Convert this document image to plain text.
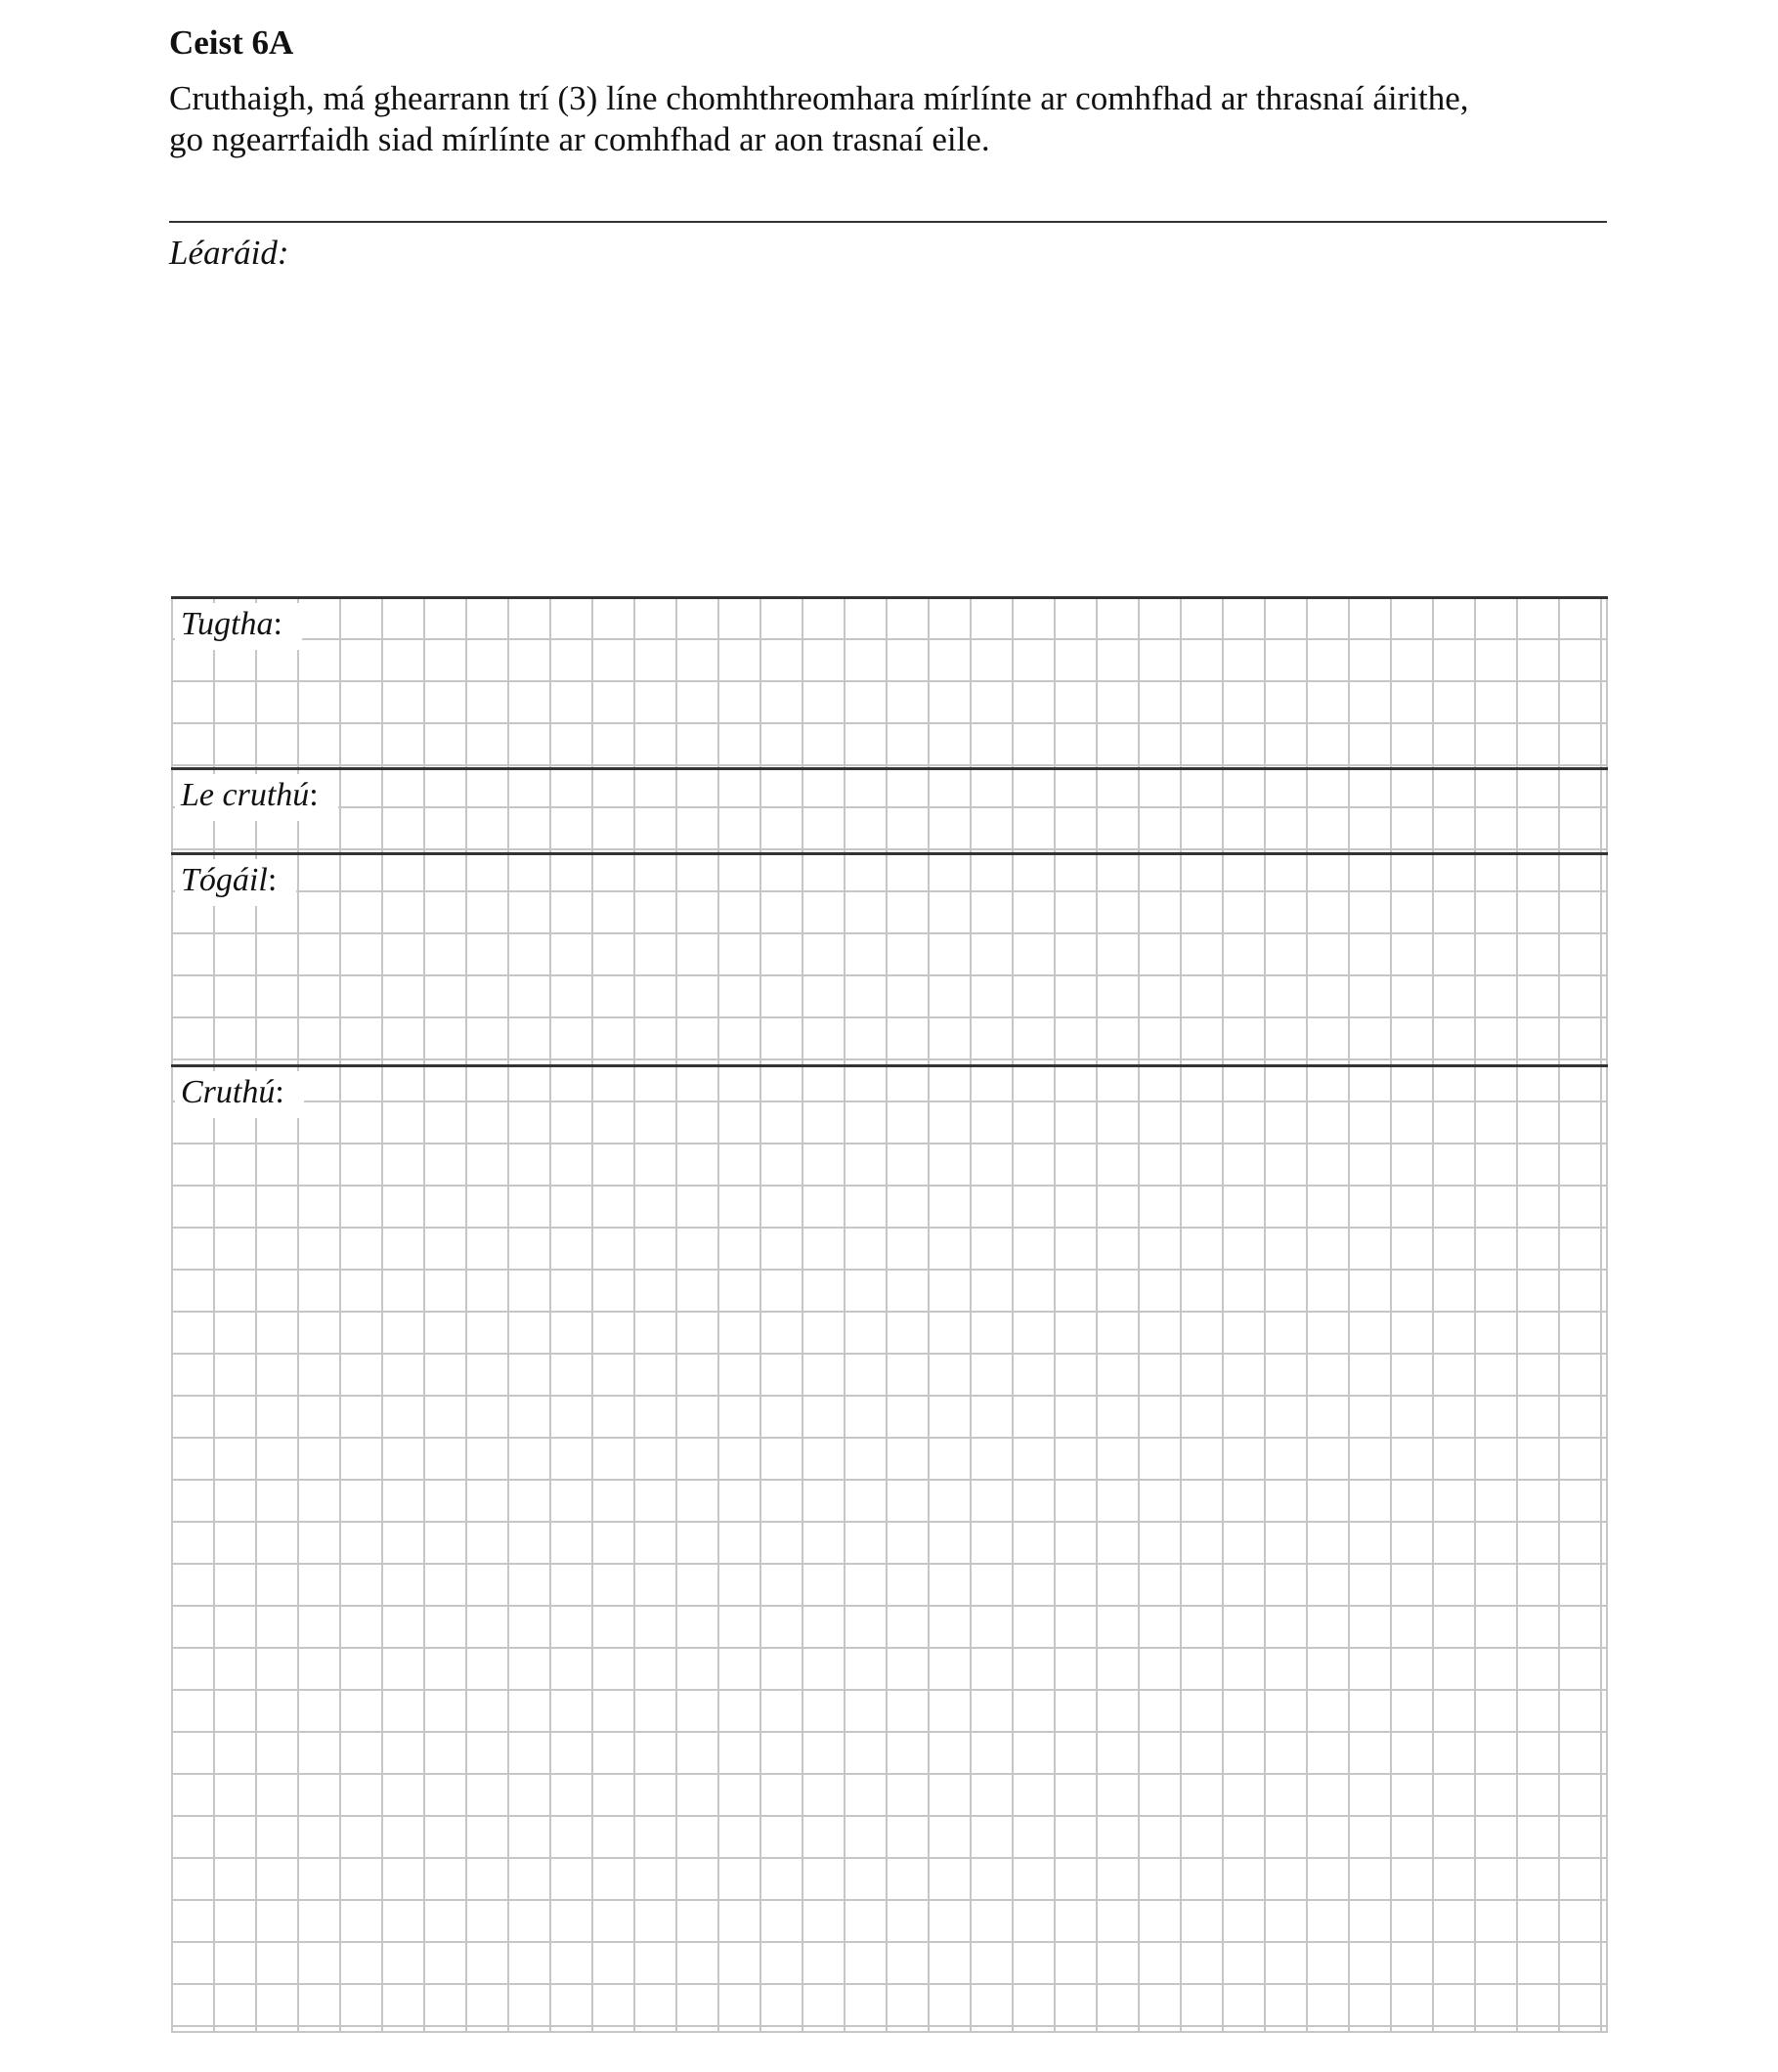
Ceist 6A

Cruthaigh, má ghearrann trí (3) líne chomhthreomhara mírlínte ar comhfhad ar thrasnaí áirithe,
go ngearrfaidh siad mírlínte ar comhfhad ar aon trasnaí eile.

Léaráid:

Tugtha:
Le cruthú:
Tógáil:
Cruthú:
